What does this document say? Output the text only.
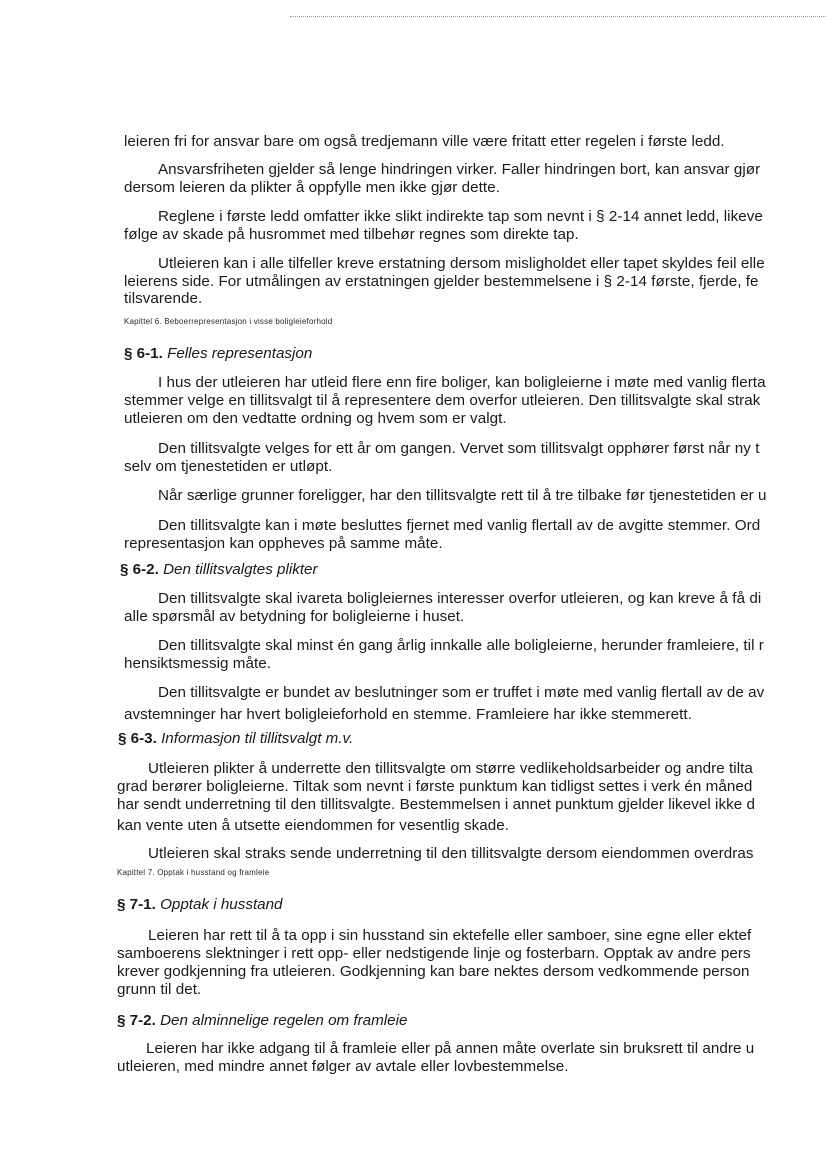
leieren fri for ansvar bare om også tredjemann ville være fritatt etter regelen i første ledd.
Ansvarsfriheten gjelder så lenge hindringen virker. Faller hindringen bort, kan ansvar gjør
dersom leieren da plikter å oppfylle men ikke gjør dette.
Reglene i første ledd omfatter ikke slikt indirekte tap som nevnt i § 2-14 annet ledd, likeve
følge av skade på husrommet med tilbehør regnes som direkte tap.
Utleieren kan i alle tilfeller kreve erstatning dersom misligholdet eller tapet skyldes feil elle
leierens side. For utmålingen av erstatningen gjelder bestemmelsene i § 2-14 første, fjerde, fe
tilsvarende.
I hus der utleieren har utleid flere enn fire boliger, kan boligleierne i møte med vanlig flerta
stemmer velge en tillitsvalgt til å representere dem overfor utleieren. Den tillitsvalgte skal strak
utleieren om den vedtatte ordning og hvem som er valgt.
Den tillitsvalgte velges for ett år om gangen. Vervet som tillitsvalgt opphører først når ny t
selv om tjenestetiden er utløpt.
Når særlige grunner foreligger, har den tillitsvalgte rett til å tre tilbake før tjenestetiden er u
Den tillitsvalgte kan i møte besluttes fjernet med vanlig flertall av de avgitte stemmer. Ord
representasjon kan oppheves på samme måte.
Den tillitsvalgte skal ivareta boligleiernes interesser overfor utleieren, og kan kreve å få di
alle spørsmål av betydning for boligleierne i huset.
Den tillitsvalgte skal minst én gang årlig innkalle alle boligleierne, herunder framleiere, til r
hensiktsmessig måte.
Den tillitsvalgte er bundet av beslutninger som er truffet i møte med vanlig flertall av de av
avstemninger har hvert boligleieforhold en stemme. Framleiere har ikke stemmerett.
Utleieren plikter å underrette den tillitsvalgte om større vedlikeholdsarbeider og andre tilta
grad berører boligleierne. Tiltak som nevnt i første punktum kan tidligst settes i verk én måned
har sendt underretning til den tillitsvalgte. Bestemmelsen i annet punktum gjelder likevel ikke d
kan vente uten å utsette eiendommen for vesentlig skade.
Utleieren skal straks sende underretning til den tillitsvalgte dersom eiendommen overdras
Leieren har rett til å ta opp i sin husstand sin ektefelle eller samboer, sine egne eller ektef
samboerens slektninger i rett opp- eller nedstigende linje og fosterbarn. Opptak av andre pers
krever godkjenning fra utleieren. Godkjenning kan bare nektes dersom vedkommende person
grunn til det.
Leieren har ikke adgang til å framleie eller på annen måte overlate sin bruksrett til andre u
utleieren, med mindre annet følger av avtale eller lovbestemmelse.
Kapittel 6. Beboerrepresentasjon i visse boligleieforhold
Kapittel 7. Opptak i husstand og framleie
§ 6-1. Felles representasjon
§ 6-2. Den tillitsvalgtes plikter
§ 6-3. Informasjon til tillitsvalgt m.v.
§ 7-1. Opptak i husstand
§ 7-2. Den alminnelige regelen om framleie
